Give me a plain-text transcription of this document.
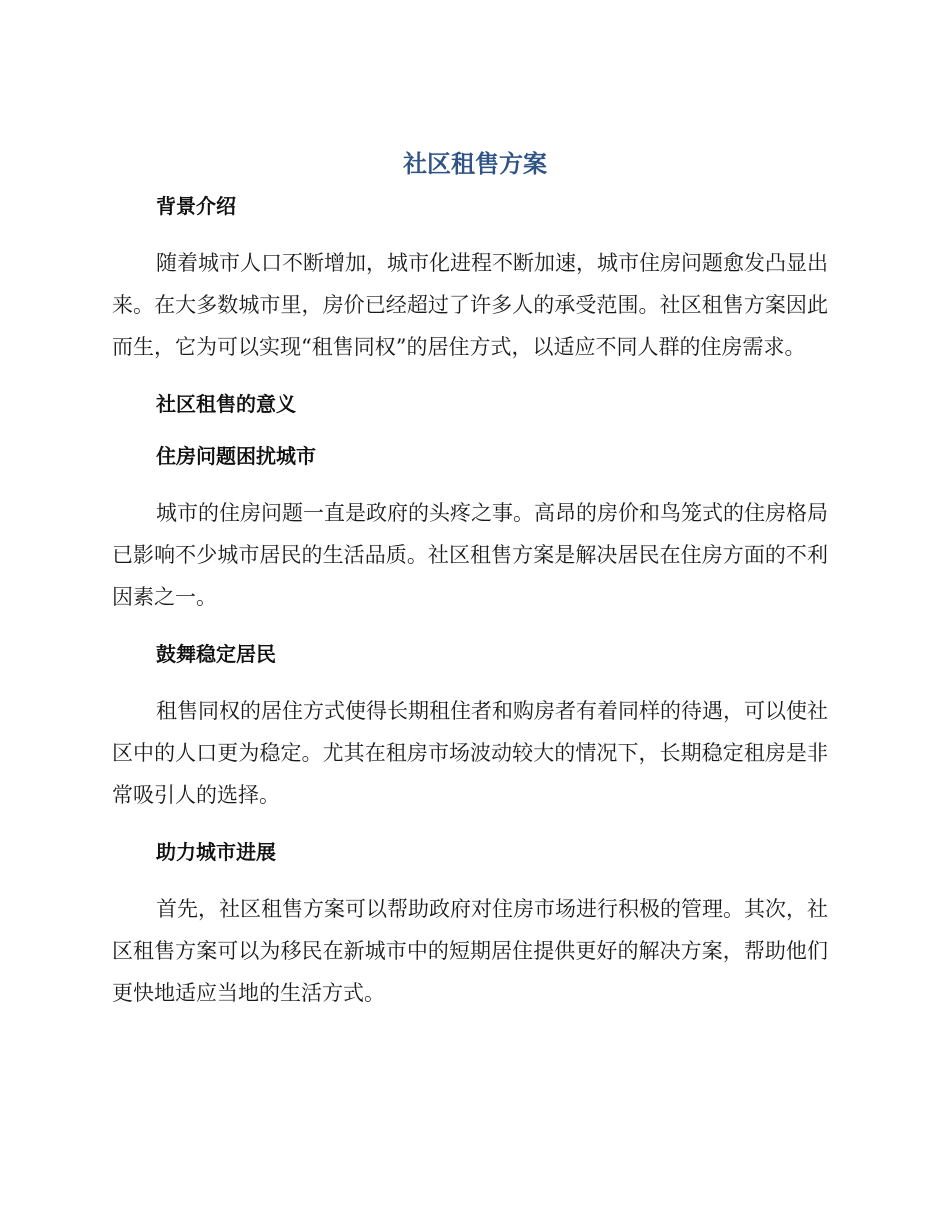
社区租售方案
背景介绍

随着城市人口不断增加，城市化进程不断加速，城市住房问题愈发凸显出来。在大多数城市里，房价已经超过了许多人的承受范围。社区租售方案因此而生，它为可以实现“租售同权”的居住方式，以适应不同人群的住房需求。

社区租售的意义
住房问题困扰城市

城市的住房问题一直是政府的头疼之事。高昂的房价和鸟笼式的住房格局已影响不少城市居民的生活品质。社区租售方案是解决居民在住房方面的不利因素之一。

鼓舞稳定居民

租售同权的居住方式使得长期租住者和购房者有着同样的待遇，可以使社区中的人口更为稳定。尤其在租房市场波动较大的情况下，长期稳定租房是非常吸引人的选择。

助力城市进展

首先，社区租售方案可以帮助政府对住房市场进行积极的管理。其次，社区租售方案可以为移民在新城市中的短期居住提供更好的解决方案，帮助他们更快地适应当地的生活方式。
